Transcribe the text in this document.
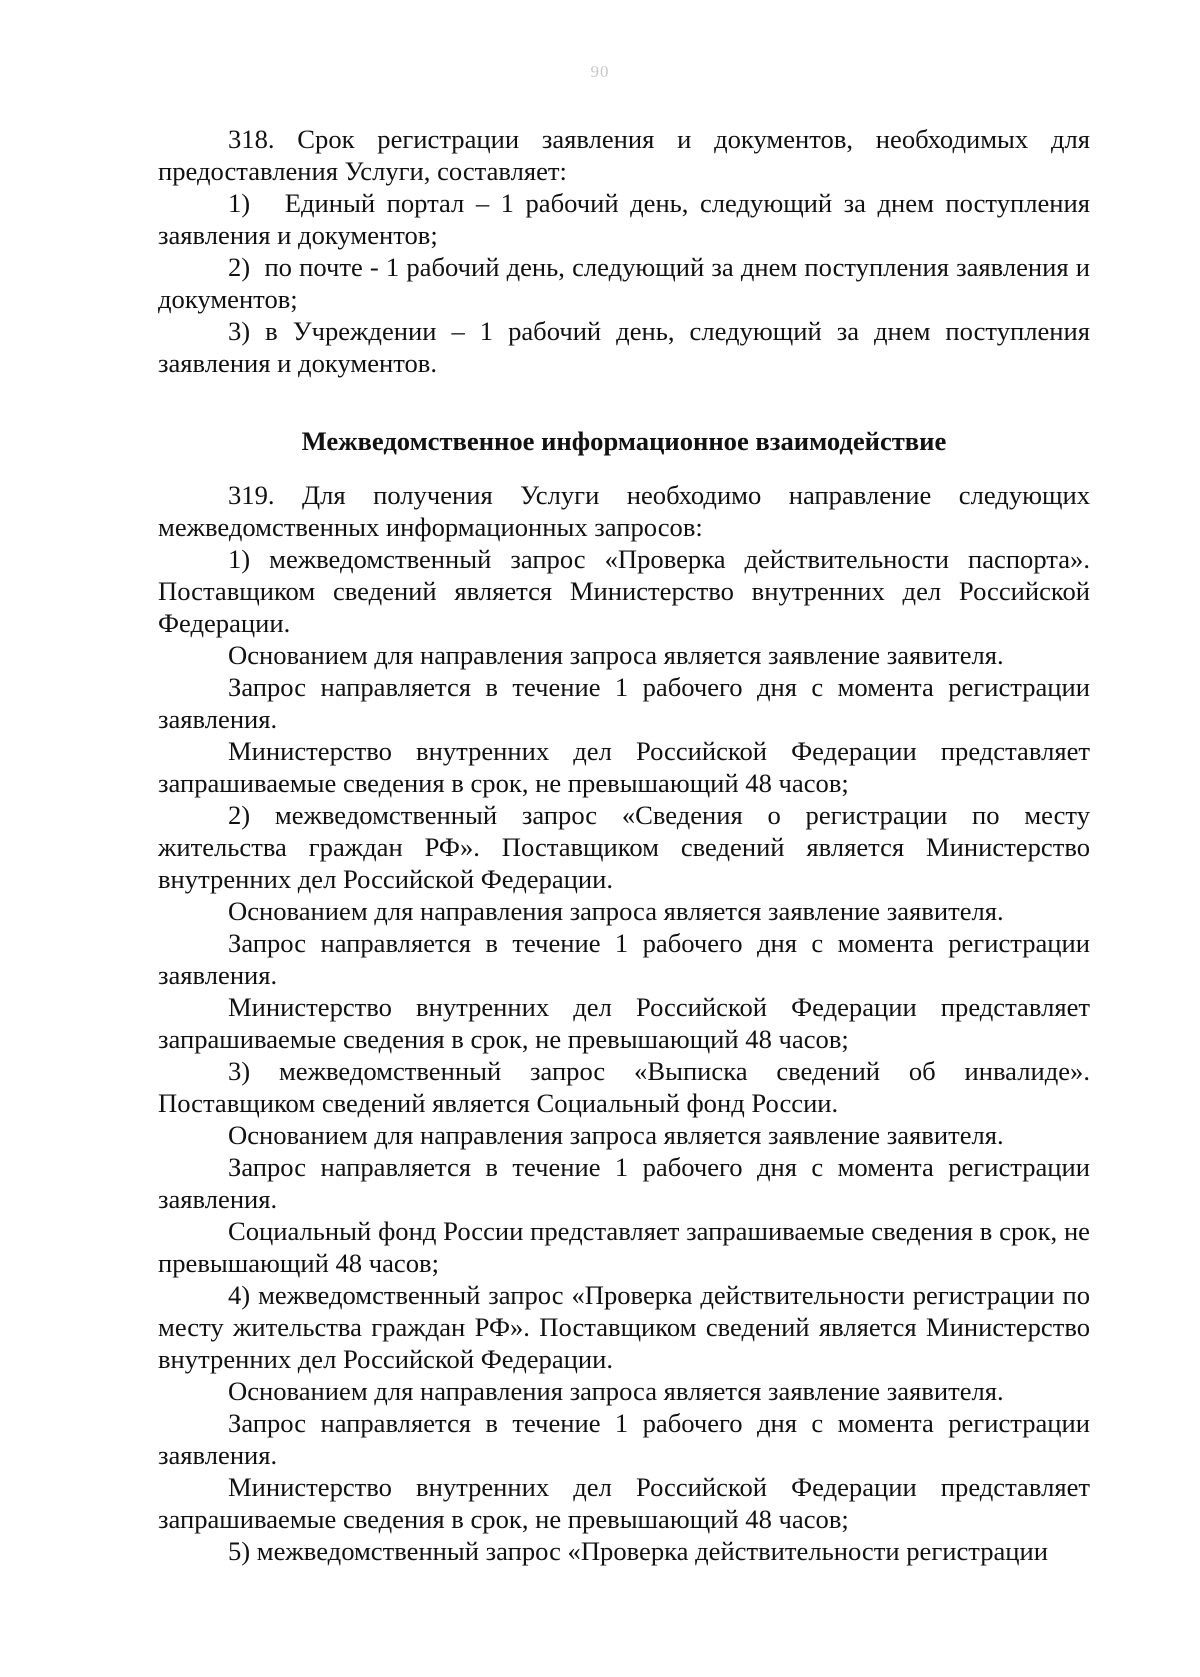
90

318. Срок регистрации заявления и документов, необходимых для предоставления Услуги, составляет:

1)   Единый портал – 1 рабочий день, следующий за днем поступления заявления и документов;

2)  по почте - 1 рабочий день, следующий за днем поступления заявления и документов;

3) в Учреждении – 1 рабочий день, следующий за днем поступления заявления и документов.

Межведомственное информационное взаимодействие

319. Для получения Услуги необходимо направление следующих межведомственных информационных запросов:

1) межведомственный запрос «Проверка действительности паспорта». Поставщиком сведений является Министерство внутренних дел Российской Федерации.

Основанием для направления запроса является заявление заявителя.

Запрос направляется в течение 1 рабочего дня с момента регистрации заявления.

Министерство внутренних дел Российской Федерации представляет запрашиваемые сведения в срок, не превышающий 48 часов;

2) межведомственный запрос «Сведения о регистрации по месту жительства граждан РФ». Поставщиком сведений является Министерство внутренних дел Российской Федерации.

Основанием для направления запроса является заявление заявителя.

Запрос направляется в течение 1 рабочего дня с момента регистрации заявления.

Министерство внутренних дел Российской Федерации представляет запрашиваемые сведения в срок, не превышающий 48 часов;

3) межведомственный запрос «Выписка сведений об инвалиде». Поставщиком сведений является Социальный фонд России.

Основанием для направления запроса является заявление заявителя.

Запрос направляется в течение 1 рабочего дня с момента регистрации заявления.

Социальный фонд России представляет запрашиваемые сведения в срок, не превышающий 48 часов;

4) межведомственный запрос «Проверка действительности регистрации по месту жительства граждан РФ». Поставщиком сведений является Министерство внутренних дел Российской Федерации.

Основанием для направления запроса является заявление заявителя.

Запрос направляется в течение 1 рабочего дня с момента регистрации заявления.

Министерство внутренних дел Российской Федерации представляет запрашиваемые сведения в срок, не превышающий 48 часов;

5) межведомственный запрос «Проверка действительности регистрации
